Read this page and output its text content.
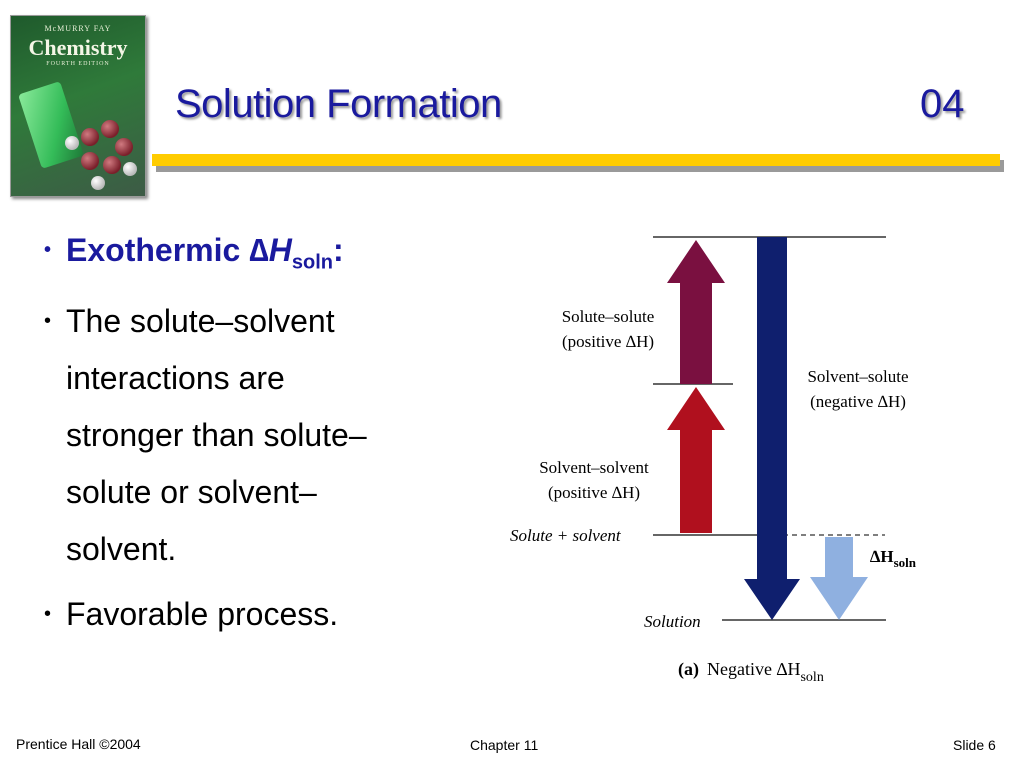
McMURRY FAY
Chemistry
FOURTH EDITION
Solution Formation	04
• Exothermic $\Delta H_{soln}$:
• The solute–solvent
interactions are
stronger than solute–
solute or solvent–
solvent.
• Favorable process.
Solute–solute
(positive ∆H)
Solvent–solvent
(positive ∆H)
Solvent–solute
(negative ∆H)
Solute + solvent
Solution
$\Delta H_{soln}$
(a) Negative $\Delta H_{soln}$
Prentice Hall ©2004	Chapter 11	Slide 6
